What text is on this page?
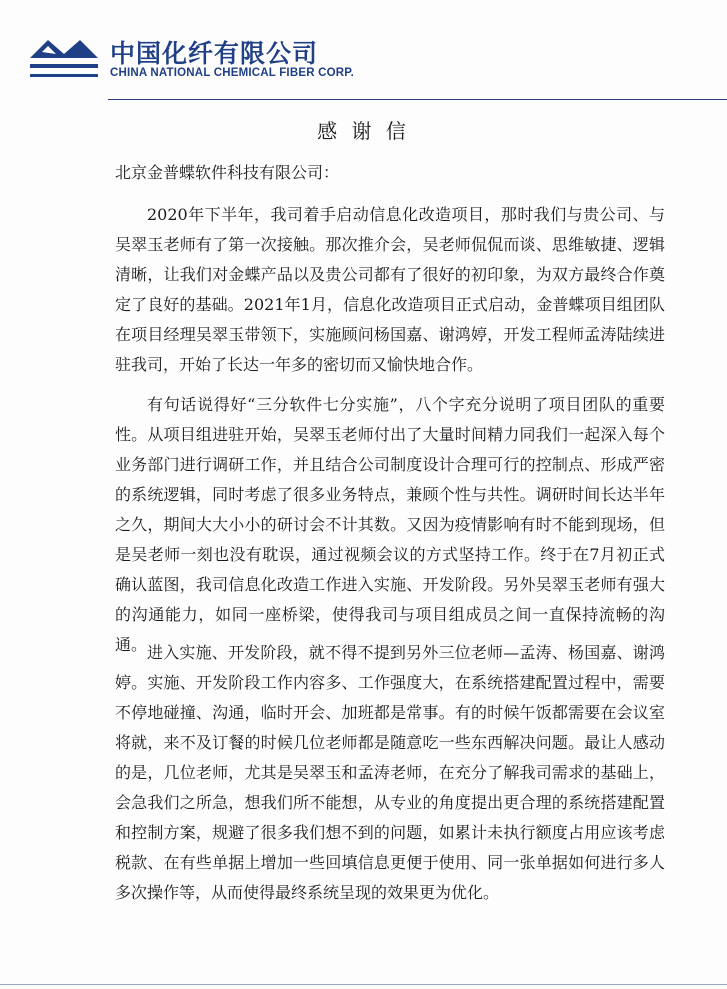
中国化纤有限公司
CHINA NATIONAL CHEMICAL FIBER CORP.
感 谢 信
北京金普蝶软件科技有限公司：

2020年下半年，我司着手启动信息化改造项目，那时我们与贵公司、与吴翠玉老师有了第一次接触。那次推介会，吴老师侃侃而谈、思维敏捷、逻辑清晰，让我们对金蝶产品以及贵公司都有了很好的初印象，为双方最终合作奠定了良好的基础。2021年1月，信息化改造项目正式启动，金普蝶项目组团队在项目经理吴翠玉带领下，实施顾问杨国嘉、谢鸿婷，开发工程师孟涛陆续进驻我司，开始了长达一年多的密切而又愉快地合作。

有句话说得好“三分软件七分实施”，八个字充分说明了项目团队的重要性。从项目组进驻开始，吴翠玉老师付出了大量时间精力同我们一起深入每个业务部门进行调研工作，并且结合公司制度设计合理可行的控制点、形成严密的系统逻辑，同时考虑了很多业务特点，兼顾个性与共性。调研时间长达半年之久，期间大大小小的研讨会不计其数。又因为疫情影响有时不能到现场，但是吴老师一刻也没有耽误，通过视频会议的方式坚持工作。终于在7月初正式确认蓝图，我司信息化改造工作进入实施、开发阶段。另外吴翠玉老师有强大的沟通能力，如同一座桥梁，使得我司与项目组成员之间一直保持流畅的沟通。 进入实施、开发阶段，就不得不提到另外三位老师—孟涛、杨国嘉、谢鸿婷。实施、开发阶段工作内容多、工作强度大，在系统搭建配置过程中，需要不停地碰撞、沟通，临时开会、加班都是常事。有的时候午饭都需要在会议室将就，来不及订餐的时候几位老师都是随意吃一些东西解决问题。最让人感动的是，几位老师，尤其是吴翠玉和孟涛老师，在充分了解我司需求的基础上，会急我们之所急，想我们所不能想，从专业的角度提出更合理的系统搭建配置和控制方案，规避了很多我们想不到的问题，如累计未执行额度占用应该考虑税款、在有些单据上增加一些回填信息更便于使用、同一张单据如何进行多人多次操作等，从而使得最终系统呈现的效果更为优化。
